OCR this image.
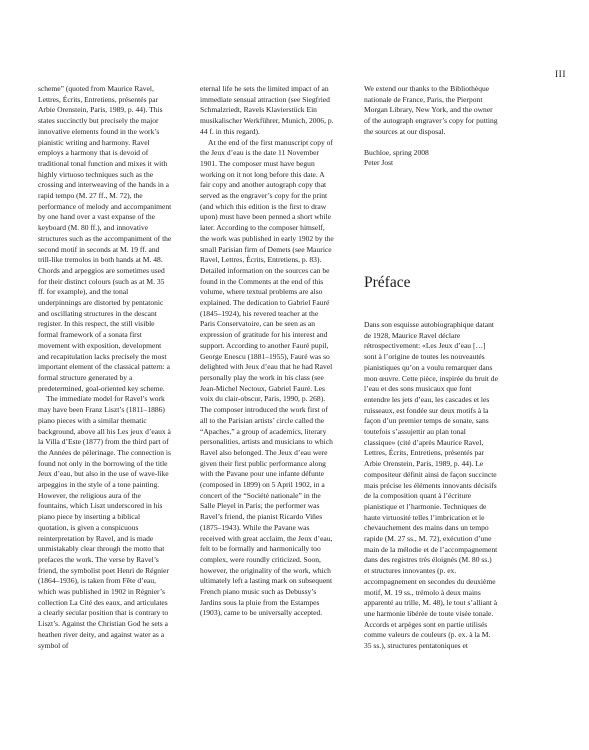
III

scheme” (quoted from Maurice Ravel, Lettres, Écrits, Entretiens, présentés par Arbie Orenstein, Paris, 1989, p. 44). This states succinctly but precisely the major innovative elements found in the work’s pianistic writing and harmony. Ravel employs a harmony that is devoid of traditional tonal function and mixes it with highly virtuoso techniques such as the crossing and interweaving of the hands in a rapid tempo (M. 27 ff., M. 72), the performance of melody and accompaniment by one hand over a vast expanse of the keyboard (M. 80 ff.), and innovative structures such as the accompaniment of the second motif in seconds at M. 19 ff. and trill-like tremolos in both hands at M. 48. Chords and arpeggios are sometimes used for their distinct colours (such as at M. 35 ff. for example), and the tonal underpinnings are distorted by pentatonic and oscillating structures in the descant register. In this respect, the still visible formal framework of a sonata first movement with exposition, development and recapitulation lacks precisely the most important element of the classical pattern: a formal structure generated by a predetermined, goal-oriented key scheme.

The immediate model for Ravel’s work may have been Franz Liszt’s (1811–1886) piano pieces with a similar thematic background, above all his Les jeux d’eaux à la Villa d’Este (1877) from the third part of the Années de pèlerinage. The connection is found not only in the borrowing of the title Jeux d’eau, but also in the use of wave-like arpeggios in the style of a tone painting. However, the religious aura of the fountains, which Liszt underscored in his piano piece by inserting a biblical quotation, is given a conspicuous reinterpretation by Ravel, and is made unmistakably clear through the motto that prefaces the work. The verse by Ravel’s friend, the symbolist poet Henri de Régnier (1864–1936), is taken from Fête d’eau, which was published in 1902 in Régnier’s collection La Cité des eaux, and articulates a clearly secular position that is contrary to Liszt’s. Against the Christian God he sets a heathen river deity, and against water as a symbol of

eternal life he sets the limited impact of an immediate sensual attraction (see Siegfried Schmalzriedt, Ravels Klavierstück Ein musikalischer Werkführer, Munich, 2006, p. 44 f. in this regard).

At the end of the first manuscript copy of the Jeux d’eau is the date 11 November 1901. The composer must have begun working on it not long before this date. A fair copy and another autograph copy that served as the engraver’s copy for the print (and which this edition is the first to draw upon) must have been penned a short while later. According to the composer himself, the work was published in early 1902 by the small Parisian firm of Demets (see Maurice Ravel, Lettres, Écrits, Entretiens, p. 83). Detailed information on the sources can be found in the Comments at the end of this volume, where textual problems are also explained. The dedication to Gabriel Fauré (1845–1924), his revered teacher at the Paris Conservatoire, can be seen as an expression of gratitude for his interest and support. According to another Fauré pupil, George Enescu (1881–1955), Fauré was so delighted with Jeux d’eau that he had Ravel personally play the work in his class (see Jean-Michel Nectoux, Gabriel Fauré. Les voix du clair-obscur, Paris, 1990, p. 268). The composer introduced the work first of all to the Parisian artists’ circle called the “Apaches,” a group of academics, literary personalities, artists and musicians to which Ravel also belonged. The Jeux d’eau were given their first public performance along with the Pavane pour une infante défunte (composed in 1899) on 5 April 1902, in a concert of the “Société nationale” in the Salle Pleyel in Paris; the performer was Ravel’s friend, the pianist Ricardo Viñes (1875–1943). While the Pavane was received with great acclaim, the Jeux d’eau, felt to be formally and harmonically too complex, were roundly criticized. Soon, however, the originality of the work, which ultimately left a lasting mark on subsequent French piano music such as Debussy’s Jardins sous la pluie from the Estampes (1903), came to be universally accepted.

We extend our thanks to the Bibliothèque nationale de France, Paris, the Pierpont Morgan Library, New York, and the owner of the autograph engraver’s copy for putting the sources at our disposal.

Buchloe, spring 2008

Peter Jost

Préface

Dans son esquisse autobiographique datant de 1928, Maurice Ravel déclare rétrospectivement: «Les Jeux d’eau […] sont à l’origine de toutes les nouveautés pianistiques qu’on a voulu remarquer dans mon œuvre. Cette pièce, inspirée du bruit de l’eau et des sons musicaux que font entendre les jets d’eau, les cascades et les ruisseaux, est fondée sur deux motifs à la façon d’un premier temps de sonate, sans toutefois s’assujettir au plan tonal classique» (cité d’après Maurice Ravel, Lettres, Écrits, Entretiens, présentés par Arbie Orenstein, Paris, 1989, p. 44). Le compositeur définit ainsi de façon succincte mais précise les éléments innovants décisifs de la composition quant à l’écriture pianistique et l’harmonie. Techniques de haute virtuosité telles l’imbrication et le chevauchement des mains dans un tempo rapide (M. 27 ss., M. 72), exécution d’une main de la mélodie et de l’accompagnement dans des registres très éloignés (M. 80 ss.) et structures innovantes (p. ex. accompagnement en secondes du deuxième motif, M. 19 ss., trémolo à deux mains apparenté au trille, M. 48), le tout s’alliant à une harmonie libérée de toute visée tonale. Accords et arpèges sont en partie utilisés comme valeurs de couleurs (p. ex. à la M. 35 ss.), structures pentatoniques et
